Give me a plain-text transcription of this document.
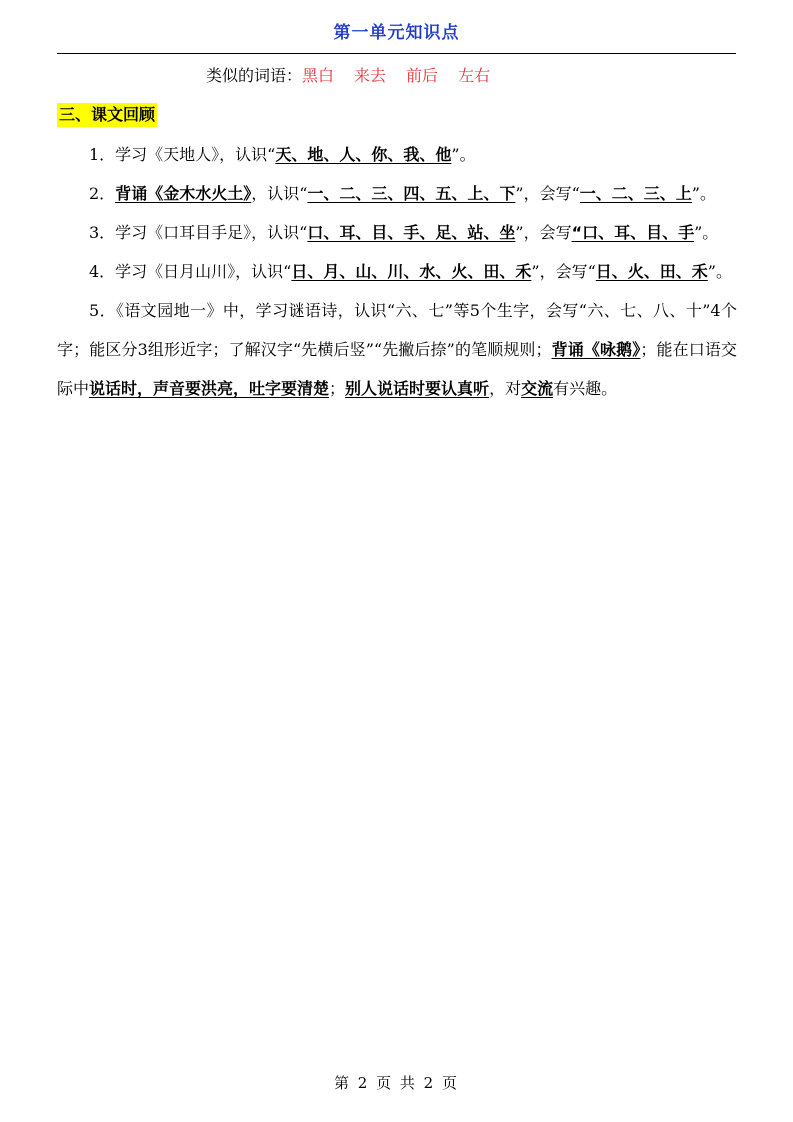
第一单元知识点
类似的词语：黑白 来去 前后 左右
三、课文回顾

1．学习《天地人》，认识“天、地、人、你、我、他”。

2．背诵《金木水火土》，认识“一、二、三、四、五、上、下”，会写“一、二、三、上”。

3．学习《口耳目手足》，认识“口、耳、目、手、足、站、坐”，会写“口、耳、目、手”。

4．学习《日月山川》，认识“日、月、山、川、水、火、田、禾”，会写“日、火、田、禾”。

5．《语文园地一》中，学习谜语诗，认识“六、七”等5个生字，会写“六、七、八、十”4个字；能区分3组形近字；了解汉字“先横后竖”“先撇后捺”的笔顺规则；背诵《咏鹅》；能在口语交际中说话时，声音要洪亮，吐字要清楚；别人说话时要认真听，对交流有兴趣。

第 2 页 共 2 页
